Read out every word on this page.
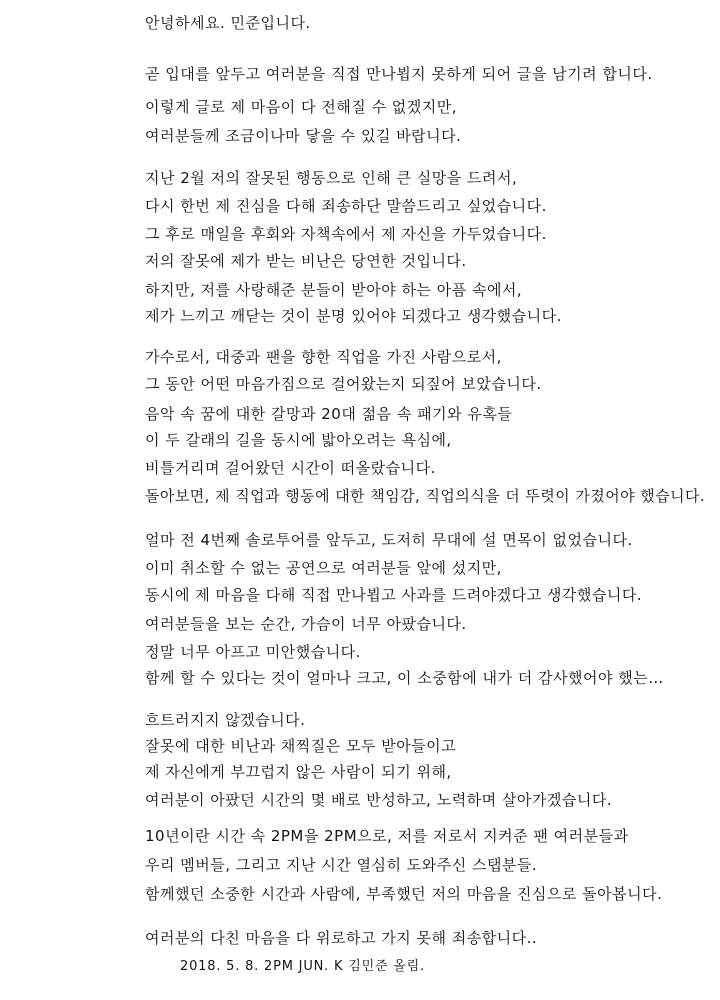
안녕하세요. 민준입니다.
곧 입대를 앞두고 여러분을 직접 만나뵙지 못하게 되어 글을 남기려 합니다.
이렇게 글로 제 마음이 다 전해질 수 없겠지만,
여러분들께 조금이나마 닿을 수 있길 바랍니다.
지난 2월 저의 잘못된 행동으로 인해 큰 실망을 드려서,
다시 한번 제 진심을 다해 죄송하단 말씀드리고 싶었습니다.
그 후로 매일을 후회와 자책속에서 제 자신을 가두었습니다.
저의 잘못에 제가 받는 비난은 당연한 것입니다.
하지만, 저를 사랑해준 분들이 받아야 하는 아픔 속에서,
제가 느끼고 깨닫는 것이 분명 있어야 되겠다고 생각했습니다.
가수로서, 대중과 팬을 향한 직업을 가진 사람으로서,
그 동안 어떤 마음가짐으로 걸어왔는지 되짚어 보았습니다.
음악 속 꿈에 대한 갈망과 20대 젊음 속 패기와 유혹들
이 두 갈래의 길을 동시에 밟아오려는 욕심에,
비틀거리며 걸어왔던 시간이 떠올랐습니다.
돌아보면, 제 직업과 행동에 대한 책임감, 직업의식을 더 뚜렷이 가졌어야 했습니다.
얼마 전 4번째 솔로투어를 앞두고, 도저히 무대에 설 면목이 없었습니다.
이미 취소할 수 없는 공연으로 여러분들 앞에 섰지만,
동시에 제 마음을 다해 직접 만나뵙고 사과를 드려야겠다고 생각했습니다.
여러분들을 보는 순간, 가슴이 너무 아팠습니다.
정말 너무 아프고 미안했습니다.
함께 할 수 있다는 것이 얼마나 크고, 이 소중함에 내가 더 감사했어야 했는…
흐트러지지 않겠습니다.
잘못에 대한 비난과 채찍질은 모두 받아들이고
제 자신에게 부끄럽지 않은 사람이 되기 위해,
여러분이 아팠던 시간의 몇 배로 반성하고, 노력하며 살아가겠습니다.
10년이란 시간 속 2PM을 2PM으로, 저를 저로서 지켜준 팬 여러분들과
우리 멤버들, 그리고 지난 시간 열심히 도와주신 스탭분들.
함께했던 소중한 시간과 사람에, 부족했던 저의 마음을 진심으로 돌아봅니다.
여러분의 다친 마음을 다 위로하고 가지 못해 죄송합니다..
2018. 5. 8. 2PM JUN. K 김민준 올림.
